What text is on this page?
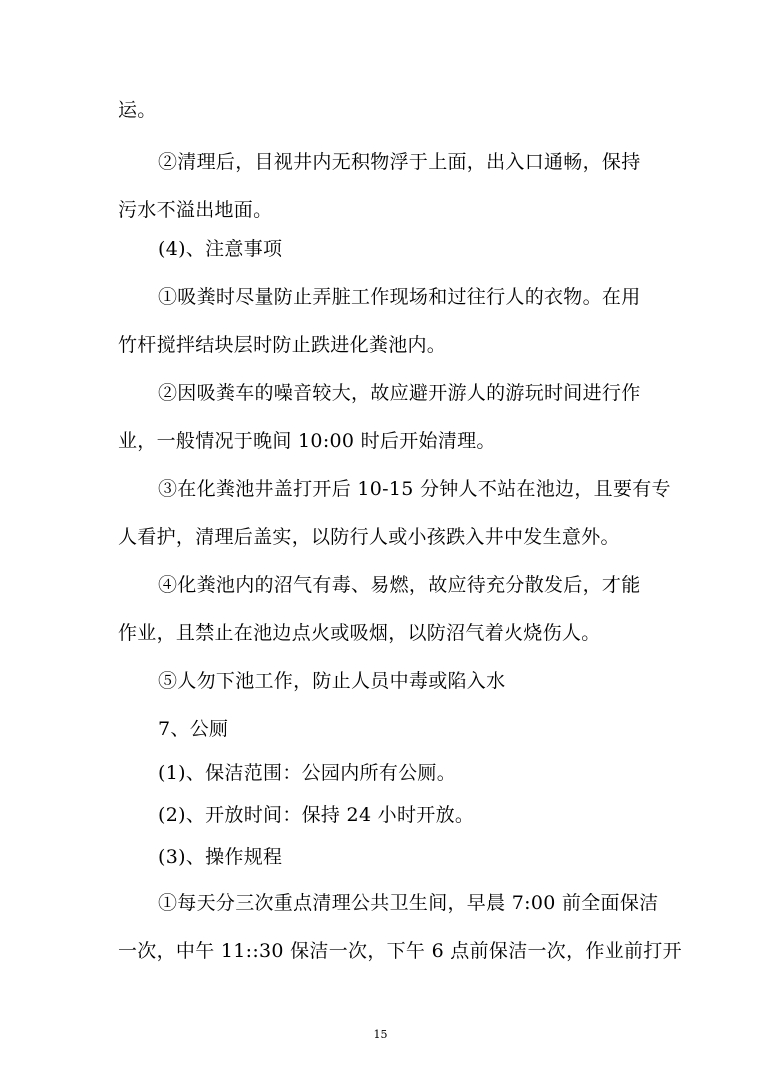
运。
②清理后，目视井内无积物浮于上面，出入口通畅，保持
污水不溢出地面。
(4)、注意事项
①吸粪时尽量防止弄脏工作现场和过往行人的衣物。在用
竹杆搅拌结块层时防止跌进化粪池内。
②因吸粪车的噪音较大，故应避开游人的游玩时间进行作
业，一般情况于晚间 10:00 时后开始清理。
③在化粪池井盖打开后 10-15 分钟人不站在池边，且要有专
人看护，清理后盖实，以防行人或小孩跌入井中发生意外。
④化粪池内的沼气有毒、易燃，故应待充分散发后，才能
作业，且禁止在池边点火或吸烟，以防沼气着火烧伤人。
⑤人勿下池工作，防止人员中毒或陷入水
7、公厕
(1)、保洁范围：公园内所有公厕。
(2)、开放时间：保持 24 小时开放。
(3)、操作规程
①每天分三次重点清理公共卫生间，早晨 7:00 前全面保洁
一次，中午 11::30 保洁一次，下午 6 点前保洁一次，作业前打开
15
